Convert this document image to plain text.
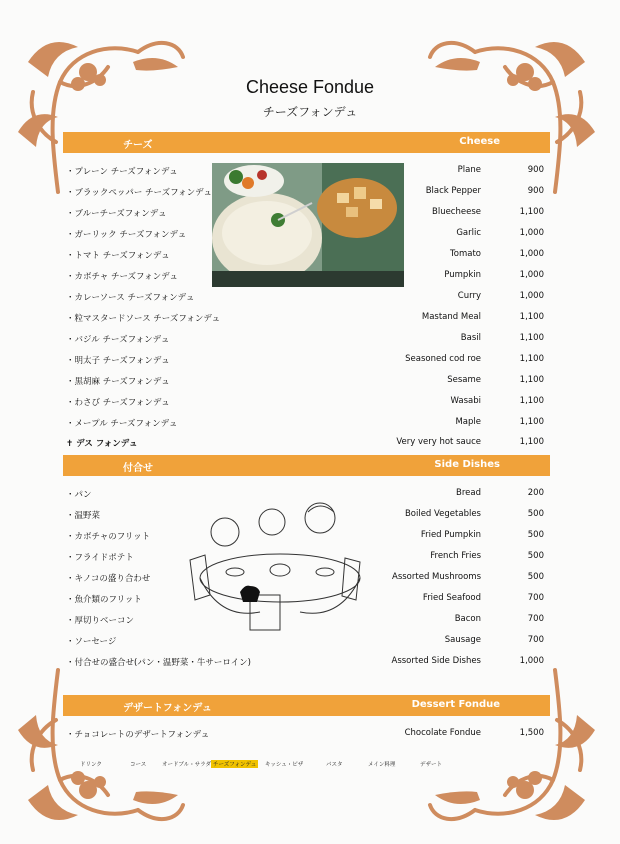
Cheese Fondue
チーズフォンデュ
チーズ	Cheese
・プレーン チーズフォンデュ	Plane	900
・ブラックペッパー チーズフォンデュ	Black Pepper	900
・ブルーチーズフォンデュ	Bluecheese	1,100
・ガーリック チーズフォンデュ	Garlic	1,000
・トマト チーズフォンデュ	Tomato	1,000
・カボチャ チーズフォンデュ	Pumpkin	1,000
・カレーソース チーズフォンデュ	Curry	1,000
・粒マスタードソース チーズフォンデュ	Mastand Meal	1,100
・バジル チーズフォンデュ	Basil	1,100
・明太子 チーズフォンデュ	Seasoned cod roe	1,100
・黒胡麻 チーズフォンデュ	Sesame	1,100
・わさび チーズフォンデュ	Wasabi	1,100
・メープル チーズフォンデュ	Maple	1,100
✝ デス フォンデュ	Very very hot sauce	1,100
付合せ	Side Dishes
・パン	Bread	200
・温野菜	Boiled Vegetables	500
・カボチャのフリット	Fried Pumpkin	500
・フライドポテト	French Fries	500
・キノコの盛り合わせ	Assorted Mushrooms	500
・魚介類のフリット	Fried Seafood	700
・厚切りベーコン	Bacon	700
・ソーセージ	Sausage	700
・付合せの盛合せ(パン・温野菜・牛サーロイン)	Assorted Side Dishes	1,000
デザートフォンデュ	Dessert Fondue
・チョコレートのデザートフォンデュ	Chocolate Fondue	1,500
ドリンク	コース	オードブル・サラダ チーズフォンデュ	キッシュ・ピザ	パスタ	メイン料理	デザート
